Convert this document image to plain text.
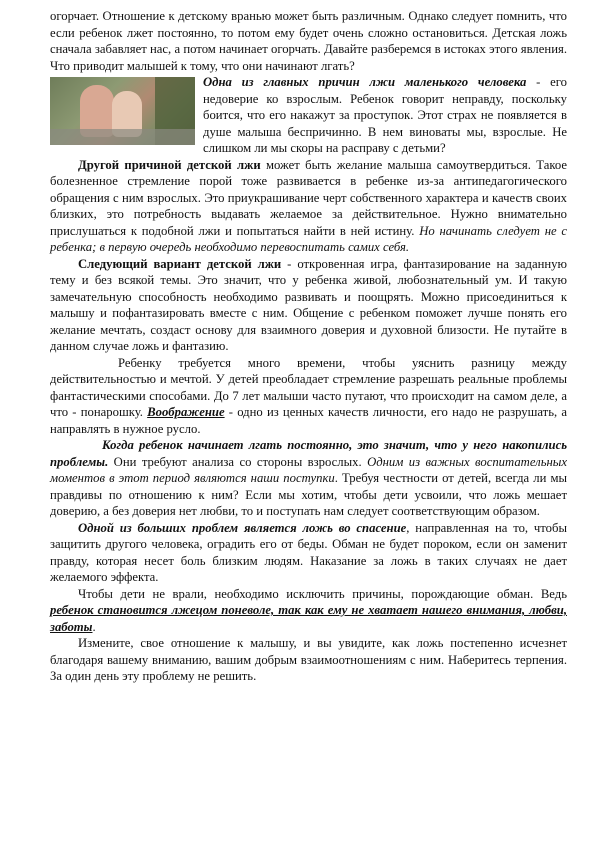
огорчает. Отношение к детскому вранью может быть различным. Однако следует помнить, что если ребенок лжет постоянно, то потом ему будет очень сложно остановиться. Детская ложь сначала забавляет нас, а потом начинает огорчать. Давайте разберемся в истоках этого явления. Что приводит малышей к тому, что они начинают лгать?

Одна из главных причин лжи маленького человека - его недоверие ко взрослым. Ребенок говорит неправду, поскольку боится, что его накажут за проступок. Этот страх не появляется в душе малыша беспричинно. В нем виноваты мы, взрослые. Не слишком ли мы скоры на расправу с детьми?

Другой причиной детской лжи может быть желание малыша самоутвердиться. Такое болезненное стремление порой тоже развивается в ребенке из-за антипедагогического обращения с ним взрослых. Это приукрашивание черт собственного характера и качеств своих близких, это потребность выдавать желаемое за действительное. Нужно внимательно прислушаться к подобной лжи и попытаться найти в ней истину. Но начинать следует не с ребенка; в первую очередь необходимо перевоспитать самих себя.

Следующий вариант детской лжи - откровенная игра, фантазирование на заданную тему и без всякой темы. Это значит, что у ребенка живой, любознательный ум. И такую замечательную способность необходимо развивать и поощрять. Можно присоединиться к малышу и пофантазировать вместе с ним. Общение с ребенком поможет лучше понять его желание мечтать, создаст основу для взаимного доверия и духовной близости. Не путайте в данном случае ложь и фантазию.

Ребенку требуется много времени, чтобы уяснить разницу между действительностью и мечтой. У детей преобладает стремление разрешать реальные проблемы фантастическими способами. До 7 лет малыши часто путают, что происходит на самом деле, а что - понарошку. Воображение - одно из ценных качеств личности, его надо не разрушать, а направлять в нужное русло.

Когда ребенок начинает лгать постоянно, это значит, что у него накопились проблемы. Они требуют анализа со стороны взрослых. Одним из важных воспитательных моментов в этот период являются наши поступки. Требуя честности от детей, всегда ли мы правдивы по отношению к ним? Если мы хотим, чтобы дети усвоили, что ложь мешает доверию, а без доверия нет любви, то и поступать нам следует соответствующим образом.

Одной из больших проблем является ложь во спасение, направленная на то, чтобы защитить другого человека, оградить его от беды. Обман не будет пороком, если он заменит правду, которая несет боль близким людям. Наказание за ложь в таких случаях не дает желаемого эффекта.

Чтобы дети не врали, необходимо исключить причины, порождающие обман. Ведь ребенок становится лжецом поневоле, так как ему не хватает нашего внимания, любви, заботы.

Измените, свое отношение к малышу, и вы увидите, как ложь постепенно исчезнет благодаря вашему вниманию, вашим добрым взаимоотношениям с ним. Наберитесь терпения. За один день эту проблему не решить.
